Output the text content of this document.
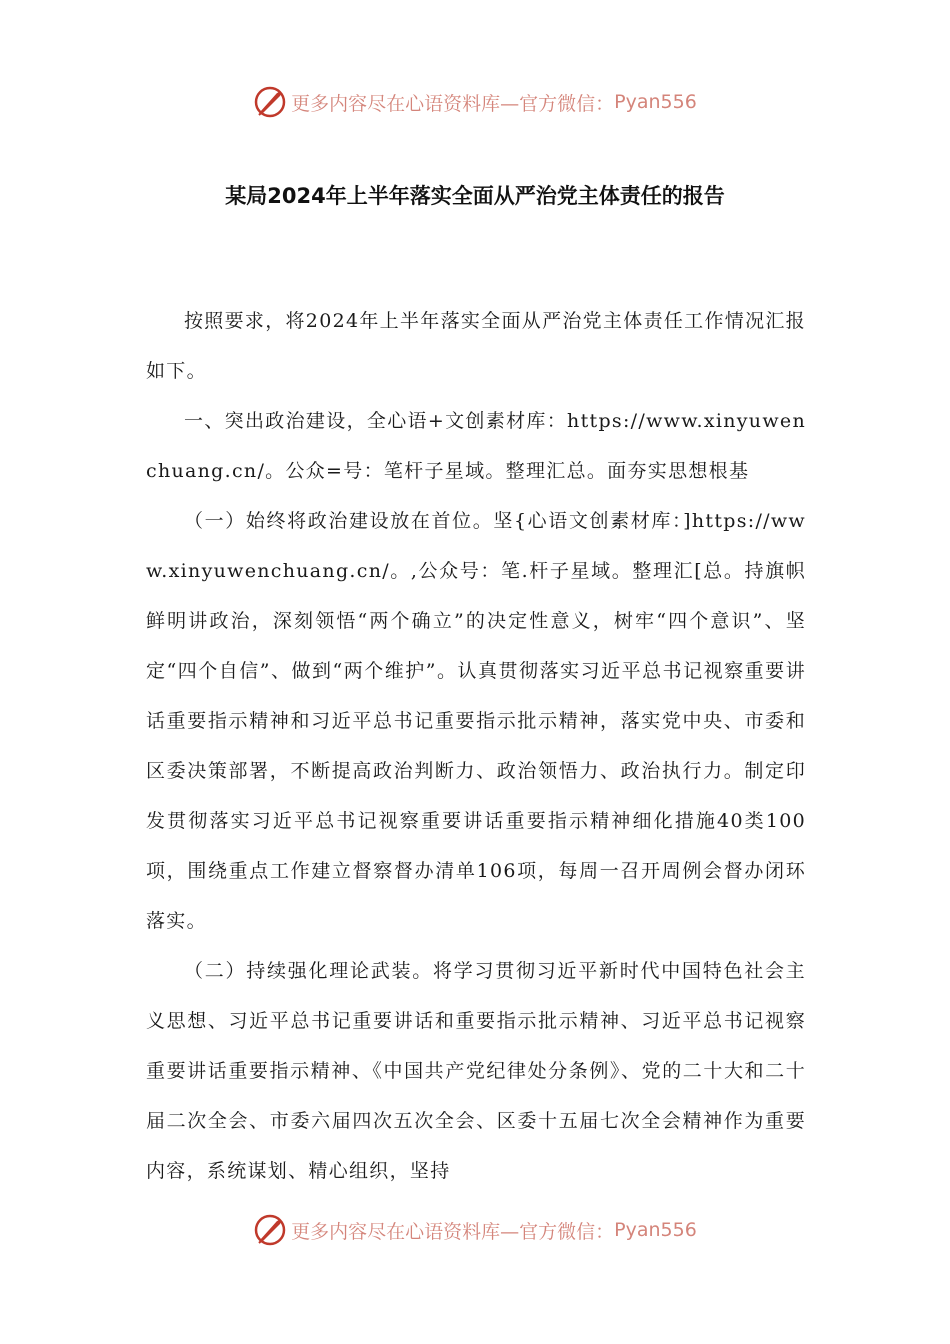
更多内容尽在心语资料库—官方微信： Pyan556
某局2024年上半年落实全面从严治党主体责任的报告

按照要求，将2024年上半年落实全面从严治党主体责任工作情况汇报如下。

一、突出政治建设，全心语+文创素材库：https://www.xinyuwenchuang.cn/。公众=号：笔杆子星域。整理汇总。面夯实思想根基

（一）始终将政治建设放在首位。坚{心语文创素材库：]https://www.xinyuwenchuang.cn/。,公众号：笔.杆子星域。整理汇[总。持旗帜鲜明讲政治，深刻领悟“两个确立”的决定性意义，树牢“四个意识”、坚定“四个自信”、做到“两个维护”。认真贯彻落实习近平总书记视察重要讲话重要指示精神和习近平总书记重要指示批示精神，落实党中央、市委和区委决策部署，不断提高政治判断力、政治领悟力、政治执行力。制定印发贯彻落实习近平总书记视察重要讲话重要指示精神细化措施40类100项，围绕重点工作建立督察督办清单106项，每周一召开周例会督办闭环落实。

（二）持续强化理论武装。将学习贯彻习近平新时代中国特色社会主义思想、习近平总书记重要讲话和重要指示批示精神、习近平总书记视察重要讲话重要指示精神、《中国共产党纪律处分条例》、党的二十大和二十届二次全会、市委六届四次五次全会、区委十五届七次全会精神作为重要内容，系统谋划、精心组织，坚持

更多内容尽在心语资料库—官方微信： Pyan556
